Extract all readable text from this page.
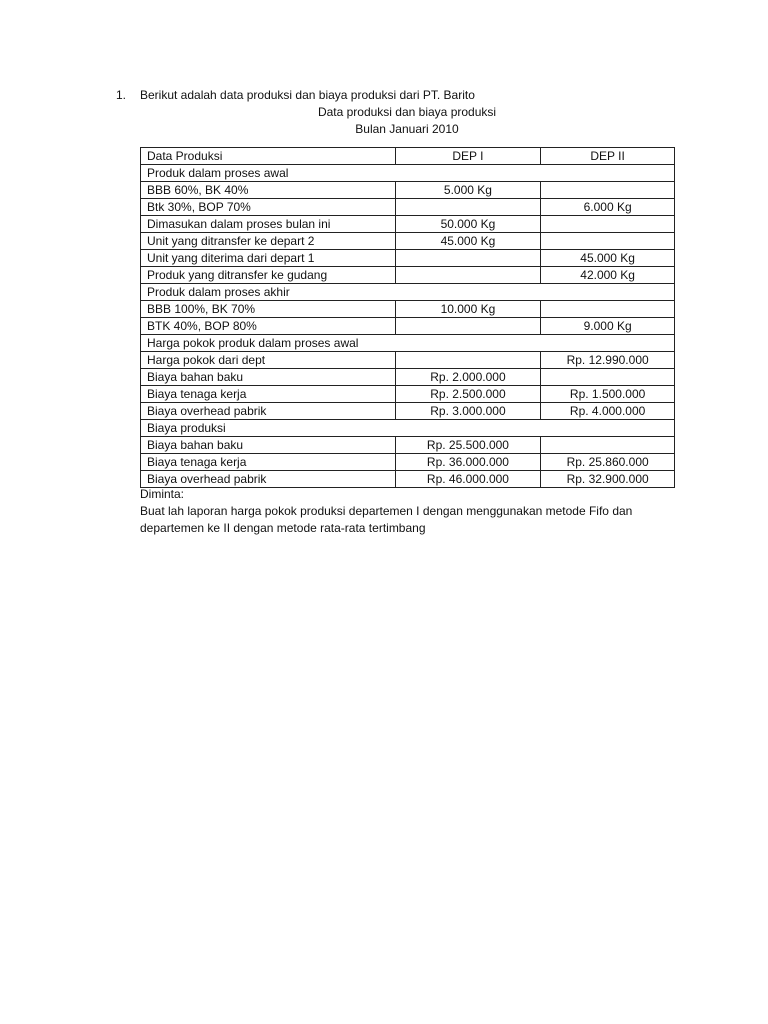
1. Berikut adalah data produksi dan biaya produksi dari PT. Barito
Data produksi dan biaya produksi
Bulan Januari 2010
Data Produksi	DEP I	DEP II
Produk dalam proses awal		
BBB 60%, BK 40%	5.000 Kg	
Btk 30%, BOP 70%		6.000 Kg
Dimasukan dalam proses bulan ini	50.000 Kg	
Unit yang ditransfer ke depart 2	45.000 Kg	
Unit yang diterima dari depart 1		45.000 Kg
Produk yang ditransfer ke gudang		42.000 Kg
Produk dalam proses akhir		
BBB 100%, BK 70%	10.000 Kg	
BTK 40%, BOP 80%		9.000 Kg
Harga pokok produk dalam proses awal		
Harga pokok dari dept		Rp. 12.990.000
Biaya bahan baku	Rp. 2.000.000	
Biaya tenaga kerja	Rp. 2.500.000	Rp. 1.500.000
Biaya overhead pabrik	Rp. 3.000.000	Rp. 4.000.000
Biaya produksi		
Biaya bahan baku	Rp. 25.500.000	
Biaya tenaga kerja	Rp. 36.000.000	Rp. 25.860.000
Biaya overhead pabrik	Rp. 46.000.000	Rp. 32.900.000
Diminta:
Buat lah laporan harga pokok produksi departemen I dengan menggunakan metode Fifo dan departemen ke II dengan metode rata-rata tertimbang
